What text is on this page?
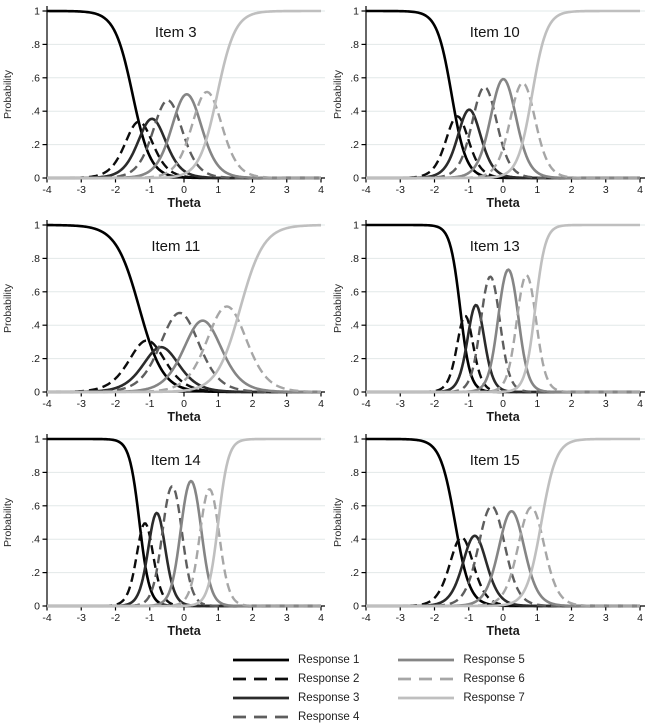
0
.2
.4
.6
.8
1
-4 -3 -2 -1	0	1	2	3	4
Theta
Probability
Item 3
0
.2
.4
.6
.8
1
-4 -3 -2 -1	0	1	2	3	4
Theta
Probability
Item 10
0
.2
.4
.6
.8
1
-4 -3 -2 -1	0	1	2	3	4
Theta
Probability
Item 11
0
.2
.4
.6
.8
1
-4 -3 -2 -1	0	1	2	3	4
Theta
Probability
Item 13
0
.2
.4
.6
.8
1
-4 -3 -2 -1	0	1	2	3	4
Theta
Probability
Item 14
0
.2
.4
.6
.8
1
-4 -3 -2 -1	0	1	2	3	4
Theta
Probability
Item 15
Response 1
Response 2
Response 3
Response 4
Response 5
Response 6
Response 7
